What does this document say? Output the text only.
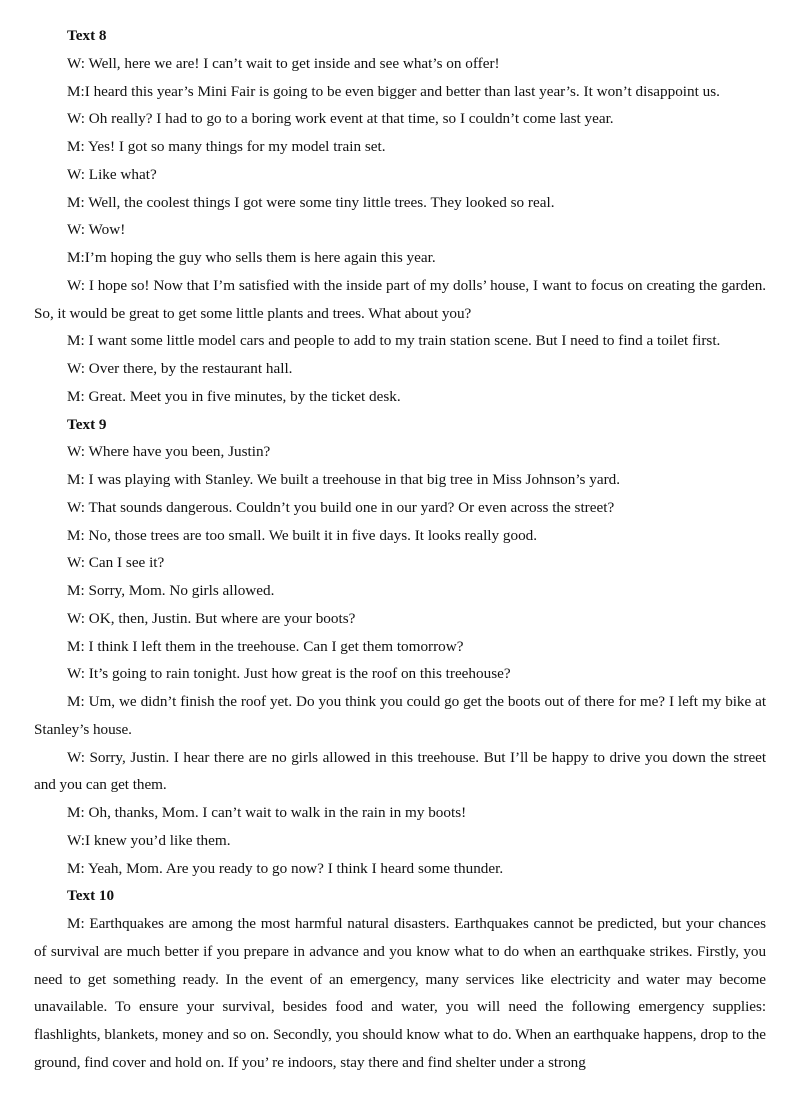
Text 8
W: Well, here we are! I can’t wait to get inside and see what’s on offer!
M:I heard this year’s Mini Fair is going to be even bigger and better than last year’s. It won’t disappoint us.
W: Oh really? I had to go to a boring work event at that time, so I couldn’t come last year.
M: Yes! I got so many things for my model train set.
W: Like what?
M: Well, the coolest things I got were some tiny little trees. They looked so real.
W: Wow!
M:I’m hoping the guy who sells them is here again this year.
W: I hope so! Now that I’m satisfied with the inside part of my dolls’ house, I want to focus on creating the garden. So, it would be great to get some little plants and trees. What about you?
M: I want some little model cars and people to add to my train station scene. But I need to find a toilet first.
W: Over there, by the restaurant hall.
M: Great. Meet you in five minutes, by the ticket desk.
Text 9
W: Where have you been, Justin?
M: I was playing with Stanley. We built a treehouse in that big tree in Miss Johnson’s yard.
W: That sounds dangerous. Couldn’t you build one in our yard? Or even across the street?
M: No, those trees are too small. We built it in five days. It looks really good.
W: Can I see it?
M: Sorry, Mom. No girls allowed.
W: OK, then, Justin. But where are your boots?
M: I think I left them in the treehouse. Can I get them tomorrow?
W: It’s going to rain tonight. Just how great is the roof on this treehouse?
M: Um, we didn’t finish the roof yet. Do you think you could go get the boots out of there for me? I left my bike at Stanley’s house.
W: Sorry, Justin. I hear there are no girls allowed in this treehouse. But I’ll be happy to drive you down the street and you can get them.
M: Oh, thanks, Mom. I can’t wait to walk in the rain in my boots!
W:I knew you’d like them.
M: Yeah, Mom. Are you ready to go now? I think I heard some thunder.
Text 10
M: Earthquakes are among the most harmful natural disasters. Earthquakes cannot be predicted, but your chances of survival are much better if you prepare in advance and you know what to do when an earthquake strikes. Firstly, you need to get something ready. In the event of an emergency, many services like electricity and water may become unavailable. To ensure your survival, besides food and water, you will need the following emergency supplies: flashlights, blankets, money and so on. Secondly, you should know what to do. When an earthquake happens, drop to the ground, find cover and hold on. If you’ re indoors, stay there and find shelter under a strong
